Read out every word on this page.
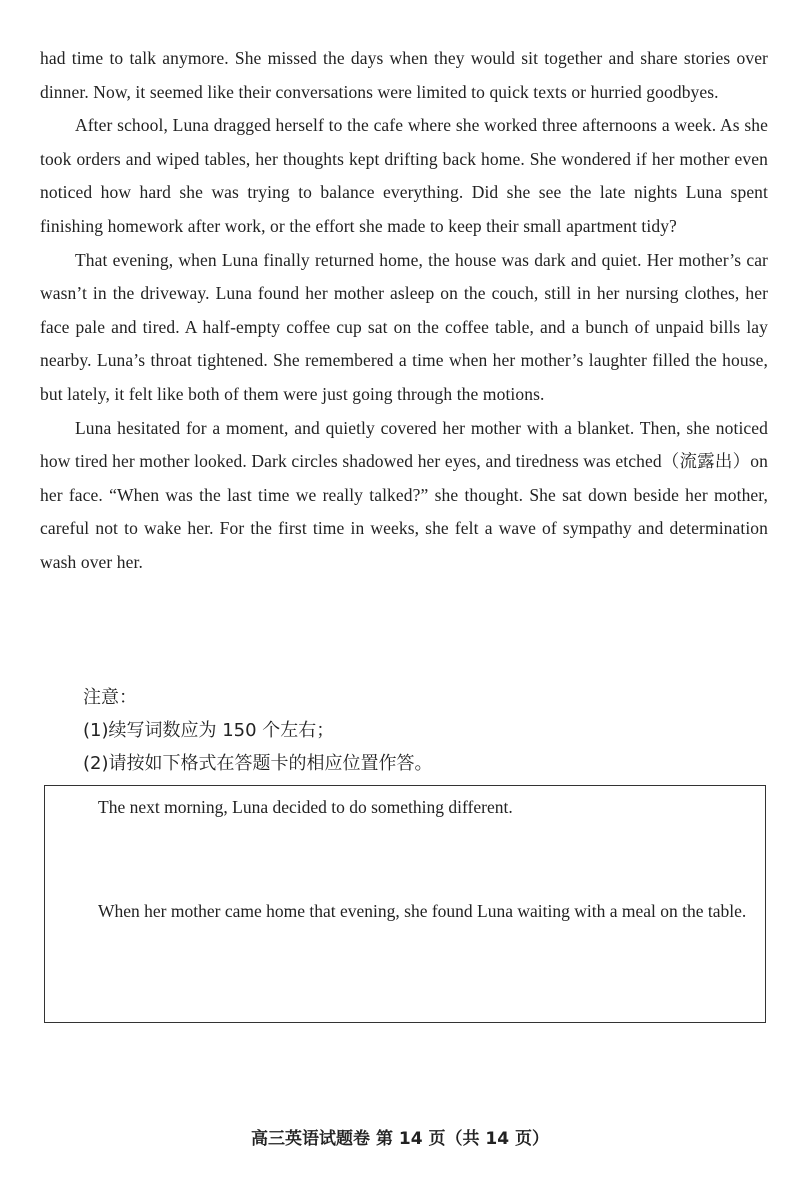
had time to talk anymore. She missed the days when they would sit together and share stories over dinner. Now, it seemed like their conversations were limited to quick texts or hurried goodbyes.

After school, Luna dragged herself to the cafe where she worked three afternoons a week. As she took orders and wiped tables, her thoughts kept drifting back home. She wondered if her mother even noticed how hard she was trying to balance everything. Did she see the late nights Luna spent finishing homework after work, or the effort she made to keep their small apartment tidy?

That evening, when Luna finally returned home, the house was dark and quiet. Her mother’s car wasn’t in the driveway. Luna found her mother asleep on the couch, still in her nursing clothes, her face pale and tired. A half-empty coffee cup sat on the coffee table, and a bunch of unpaid bills lay nearby. Luna’s throat tightened. She remembered a time when her mother’s laughter filled the house, but lately, it felt like both of them were just going through the motions.

Luna hesitated for a moment, and quietly covered her mother with a blanket. Then, she noticed how tired her mother looked. Dark circles shadowed her eyes, and tiredness was etched（流露出）on her face. “When was the last time we really talked?” she thought. She sat down beside her mother, careful not to wake her. For the first time in weeks, she felt a wave of sympathy and determination wash over her.

注意：
(1)续写词数应为 150 个左右；
(2)请按如下格式在答题卡的相应位置作答。
The next morning, Luna decided to do something different.
When her mother came home that evening, she found Luna waiting with a meal on the table.
高三英语试题卷 第 14 页（共 14 页）
